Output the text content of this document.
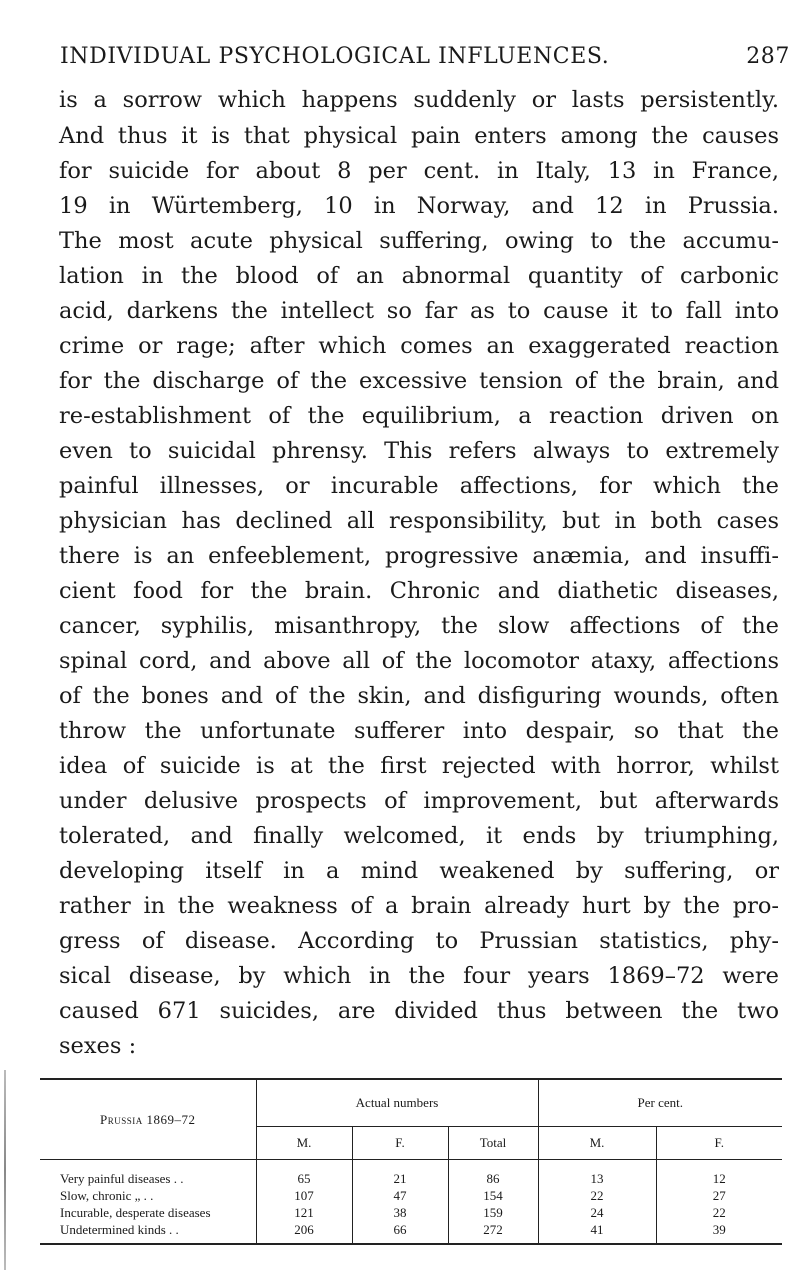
INDIVIDUAL PSYCHOLOGICAL INFLUENCES.	287
is a sorrow which happens suddenly or lasts persistently.
And thus it is that physical pain enters among the causes
for suicide for about 8 per cent. in Italy, 13 in France,
19 in Würtemberg, 10 in Norway, and 12 in Prussia.
The most acute physical suffering, owing to the accumu-
lation in the blood of an abnormal quantity of carbonic
acid, darkens the intellect so far as to cause it to fall into
crime or rage; after which comes an exaggerated reaction
for the discharge of the excessive tension of the brain, and
re-establishment of the equilibrium, a reaction driven on
even to suicidal phrensy. This refers always to extremely
painful illnesses, or incurable affections, for which the
physician has declined all responsibility, but in both cases
there is an enfeeblement, progressive anæmia, and insuffi-
cient food for the brain. Chronic and diathetic diseases,
cancer, syphilis, misanthropy, the slow affections of the
spinal cord, and above all of the locomotor ataxy, affections
of the bones and of the skin, and disfiguring wounds, often
throw the unfortunate sufferer into despair, so that the
idea of suicide is at the first rejected with horror, whilst
under delusive prospects of improvement, but afterwards
tolerated, and finally welcomed, it ends by triumphing,
developing itself in a mind weakened by suffering, or
rather in the weakness of a brain already hurt by the pro-
gress of disease. According to Prussian statistics, phy-
sical disease, by which in the four years 1869–72 were
caused 671 suicides, are divided thus between the two
sexes :
Prussia 1869–72	Actual numbers			Per cent.	
	M.	F.	Total	M.	F.
Very painful diseases . .	65	21	86	13	12
Slow, chronic „ . .	107	47	154	22	27
Incurable, desperate diseases	121	38	159	24	22
Undetermined kinds . .	206	66	272	41	39
